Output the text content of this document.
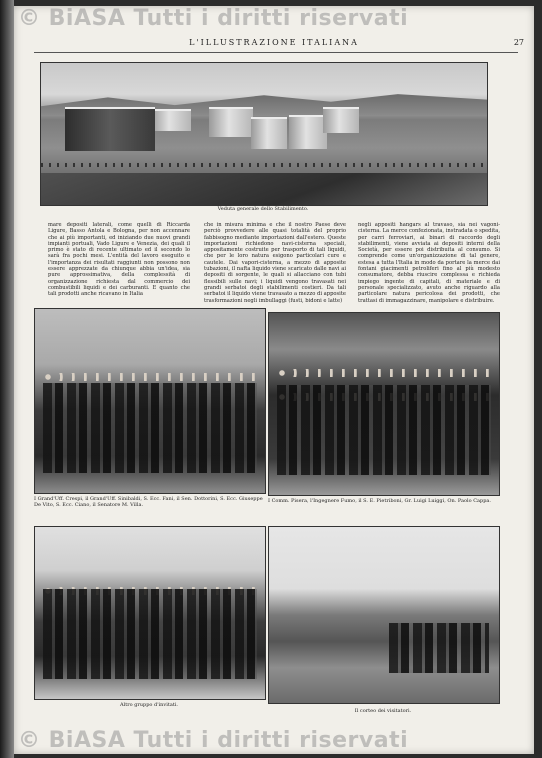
L'ILLUSTRAZIONE ITALIANA	27
Veduta generale dello Stabilimento.
mare depositi laterali, come quelli di Riccarda Ligure, Basso Antola e Bologna, per non accennare che ai più importanti, ed iniziando due nuovi grandi impianti portuali, Vado Ligure e Venezia, dei quali il primo è stato di recente ultimato ed il secondo lo sarà fra pochi mesi. L'entità del lavoro eseguito e l'importanza dei risultati raggiunti non possono non essere apprezzate da chiunque abbia un'idea, sia pure approssimativa, della complessità di organizzazione richiesta dal commercio dei combustibili liquidi e dei carburanti. E quanto che tali prodotti anche ricavano in Italia
che in misura minima e che il nostro Paese deve perciò provvedere alle quasi totalità del proprio fabbisogno mediante importazioni dall'estero. Queste importazioni richiedono navi-cisterna speciali, appositamente costruite per trasporto di tali liquidi, che per le loro natura esigono particolari cure e cautele. Dai vapori-cisterna, a mezzo di apposite tubazioni, il nafta liquido viene scaricato dalle navi ai depositi di sorgente, le quali si allacciano con tubi flessibili sulle navi; i liquidi vengono travasati nei grandi serbatoi degli stabilimenti costieri. Da tali serbatoi il liquido viene travasato a mezzo di apposite trasformazioni negli imbullaggi (fusti, bidoni e latte)
negli appositi hangars al travaso, sia nei vagoni-cisterna. La merce confezionata, instradata o spedita, per carri ferroviari, ai binari di raccordo degli stabilimenti, viene avviata ai depositi interni della Società, per essere poi distribuita al consumo. Si comprende come un'organizzazione di tal genere, estesa a tutta l'Italia in modo da portare la merce dai fontani giacimenti petroliferi fino al più modesto consumatore, debba riuscire complessa e richieda impiego ingente di capitali, di materiale e di personale specializzato, avuto anche riguardo alla particolare natura pericolosa dei prodotti, che trattasi di immagazzinare, manipolare e distribuire.
I Grand'Uff. Crespi, il Grand'Uff. Sinibaldi, S. Ecc. Fani, il Sen. Dottorini, S. Ecc. Giuseppe De Vito, S. Ecc. Ciano, il Senatore M. Villa.
I Comm. Pisera, l'Ingegnere Fumo, il S. E. Pietriboni, Gr. Luigi Luiggi, On. Paolo Cappa.
Altro gruppo d'invitati.
Il corteo dei visitatori.
© BiASA Tutti i diritti riservati
© BiASA Tutti i diritti riservati
